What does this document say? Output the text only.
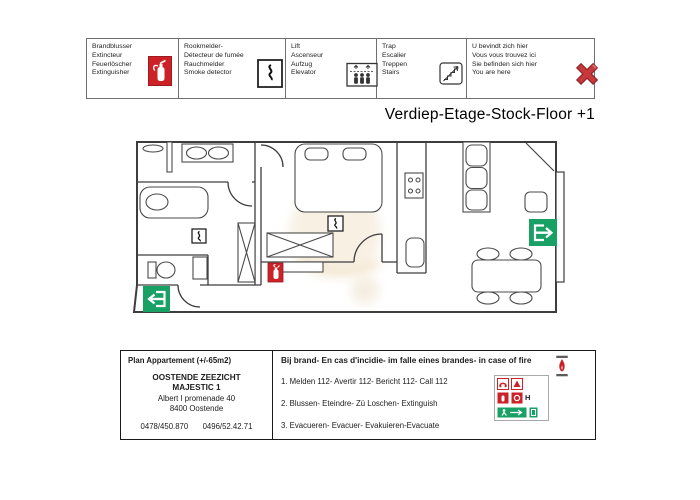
Brandblusser
Extincteur
Feuerlöscher
Extinguisher
Rookmelder-
Détecteur de fumée
Rauchmelder
Smoke detector
Lift
Ascenseur
Aufzug
Elevator
Trap
Escalier
Treppen
Stairs
U bevindt zich hier
Vous vous trouvez ici
Sie befinden sich hier
You are here
Verdiep-Etage-Stock-Floor +1
Plan Appartement (+/-65m2)
OOSTENDE ZEEZICHT
MAJESTIC 1
Albert I promenade 40
8400 Oostende
0478/450.870 0496/52.42.71
Bij brand- En cas d'incidie- im falle eines brandes- in case of fire
1. Melden 112- Avertir 112- Bericht 112- Call 112
2. Blussen- Eteindre- Zü Loschen- Extinguish
3. Evacueren- Evacuer- Evakuieren-Evacuate
H
